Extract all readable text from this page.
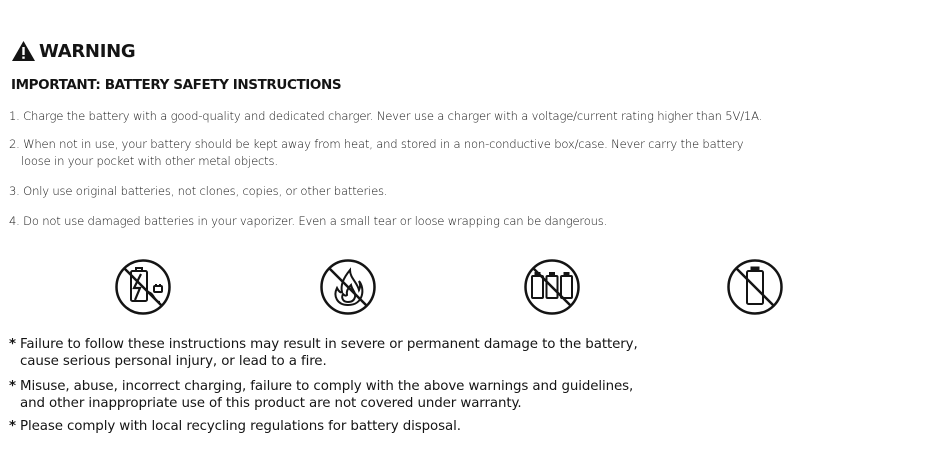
WARNING
IMPORTANT: BATTERY SAFETY INSTRUCTIONS
1. Charge the battery with a good-quality and dedicated charger. Never use a charger with a voltage/current rating higher than 5V/1A.
2. When not in use, your battery should be kept away from heat, and stored in a non-conductive box/case. Never carry the battery
loose in your pocket with other metal objects.
3. Only use original batteries, not clones, copies, or other batteries.
4. Do not use damaged batteries in your vaporizer. Even a small tear or loose wrapping can be dangerous.
* Failure to follow these instructions may result in severe or permanent damage to the battery,
cause serious personal injury, or lead to a fire.
* Misuse, abuse, incorrect charging, failure to comply with the above warnings and guidelines,
and other inappropriate use of this product are not covered under warranty.
* Please comply with local recycling regulations for battery disposal.
